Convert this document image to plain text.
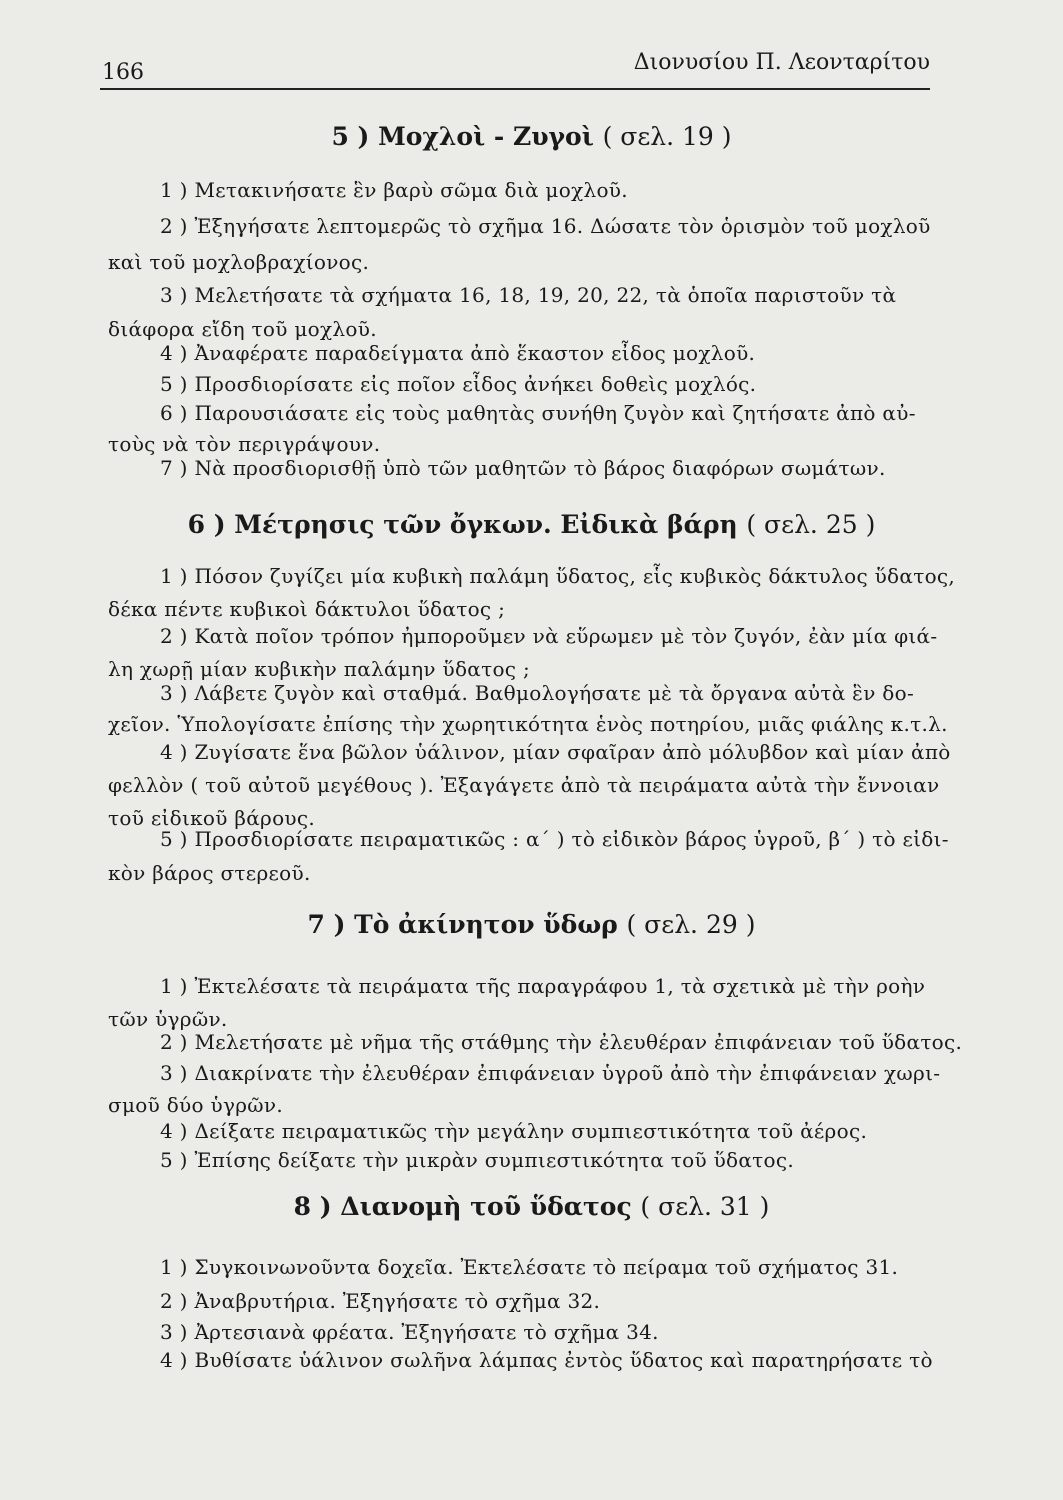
166	Διονυσίου Π. Λεονταρίτου
5 ) Μοχλοὶ - Ζυγοὶ ( σελ. 19 )
1 ) Μετακινήσατε ἓν βαρὺ σῶμα διὰ μοχλοῦ.
2 ) Ἐξηγήσατε λεπτομερῶς τὸ σχῆμα 16. Δώσατε τὸν ὁρισμὸν τοῦ μοχλοῦ
καὶ τοῦ μοχλοβραχίονος.
3 ) Μελετήσατε τὰ σχήματα 16, 18, 19, 20, 22, τὰ ὁποῖα παριστοῦν τὰ
διάφορα εἴδη τοῦ μοχλοῦ.
4 ) Ἀναφέρατε παραδείγματα ἀπὸ ἕκαστον εἶδος μοχλοῦ.
5 ) Προσδιορίσατε εἰς ποῖον εἶδος ἀνήκει δοθεὶς μοχλός.
6 ) Παρουσιάσατε εἰς τοὺς μαθητὰς συνήθη ζυγὸν καὶ ζητήσατε ἀπὸ αὐ-
τοὺς νὰ τὸν περιγράψουν.
7 ) Νὰ προσδιορισθῇ ὑπὸ τῶν μαθητῶν τὸ βάρος διαφόρων σωμάτων.
6 ) Μέτρησις τῶν ὄγκων. Εἰδικὰ βάρη ( σελ. 25 )
1 ) Πόσον ζυγίζει μία κυβικὴ παλάμη ὕδατος, εἷς κυβικὸς δάκτυλος ὕδατος,
δέκα πέντε κυβικοὶ δάκτυλοι ὕδατος ;
2 ) Κατὰ ποῖον τρόπον ἠμποροῦμεν νὰ εὕρωμεν μὲ τὸν ζυγόν, ἐὰν μία φιά-
λη χωρῇ μίαν κυβικὴν παλάμην ὕδατος ;
3 ) Λάβετε ζυγὸν καὶ σταθμά. Βαθμολογήσατε μὲ τὰ ὄργανα αὐτὰ ἓν δο-
χεῖον. Ὑπολογίσατε ἐπίσης τὴν χωρητικότητα ἑνὸς ποτηρίου, μιᾶς φιάλης κ.τ.λ.
4 ) Ζυγίσατε ἕνα βῶλον ὑάλινον, μίαν σφαῖραν ἀπὸ μόλυβδον καὶ μίαν ἀπὸ
φελλὸν ( τοῦ αὐτοῦ μεγέθους ). Ἐξαγάγετε ἀπὸ τὰ πειράματα αὐτὰ τὴν ἔννοιαν
τοῦ εἰδικοῦ βάρους.
5 ) Προσδιορίσατε πειραματικῶς : α΄ ) τὸ εἰδικὸν βάρος ὑγροῦ, β΄ ) τὸ εἰδι-
κὸν βάρος στερεοῦ.
7 ) Τὸ ἀκίνητον ὕδωρ ( σελ. 29 )
1 ) Ἐκτελέσατε τὰ πειράματα τῆς παραγράφου 1, τὰ σχετικὰ μὲ τὴν ροὴν
τῶν ὑγρῶν.
2 ) Μελετήσατε μὲ νῆμα τῆς στάθμης τὴν ἐλευθέραν ἐπιφάνειαν τοῦ ὕδατος.
3 ) Διακρίνατε τὴν ἐλευθέραν ἐπιφάνειαν ὑγροῦ ἀπὸ τὴν ἐπιφάνειαν χωρι-
σμοῦ δύο ὑγρῶν.
4 ) Δείξατε πειραματικῶς τὴν μεγάλην συμπιεστικότητα τοῦ ἀέρος.
5 ) Ἐπίσης δείξατε τὴν μικρὰν συμπιεστικότητα τοῦ ὕδατος.
8 ) Διανομὴ τοῦ ὕδατος ( σελ. 31 )
1 ) Συγκοινωνοῦντα δοχεῖα. Ἐκτελέσατε τὸ πείραμα τοῦ σχήματος 31.
2 ) Ἀναβρυτήρια. Ἐξηγήσατε τὸ σχῆμα 32.
3 ) Ἀρτεσιανὰ φρέατα. Ἐξηγήσατε τὸ σχῆμα 34.
4 ) Βυθίσατε ὑάλινον σωλῆνα λάμπας ἐντὸς ὕδατος καὶ παρατηρήσατε τὸ
